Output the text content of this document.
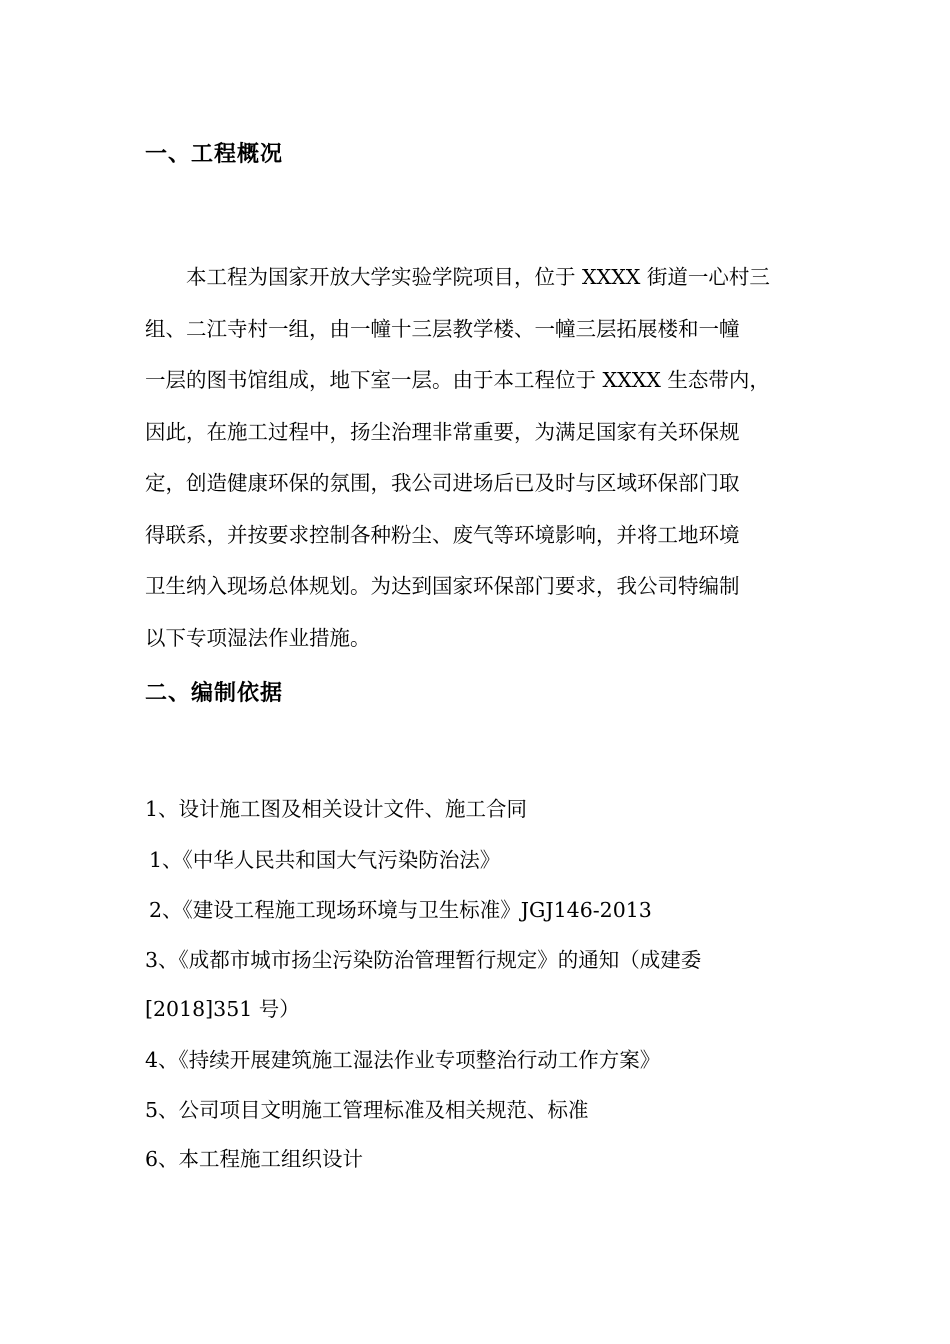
一、工程概况
本工程为国家开放大学实验学院项目，位于 XXXX 街道一心村三
组、二江寺村一组，由一幢十三层教学楼、一幢三层拓展楼和一幢
一层的图书馆组成，地下室一层。由于本工程位于 XXXX 生态带内，
因此，在施工过程中，扬尘治理非常重要，为满足国家有关环保规
定，创造健康环保的氛围，我公司进场后已及时与区域环保部门取
得联系，并按要求控制各种粉尘、废气等环境影响，并将工地环境
卫生纳入现场总体规划。为达到国家环保部门要求，我公司特编制
以下专项湿法作业措施。
二、编制依据
1、设计施工图及相关设计文件、施工合同
1、《中华人民共和国大气污染防治法》
2、《建设工程施工现场环境与卫生标准》JGJ146-2013
3、《成都市城市扬尘污染防治管理暂行规定》的通知（成建委
[2018]351 号）
4、《持续开展建筑施工湿法作业专项整治行动工作方案》
5、公司项目文明施工管理标准及相关规范、标准
6、本工程施工组织设计
